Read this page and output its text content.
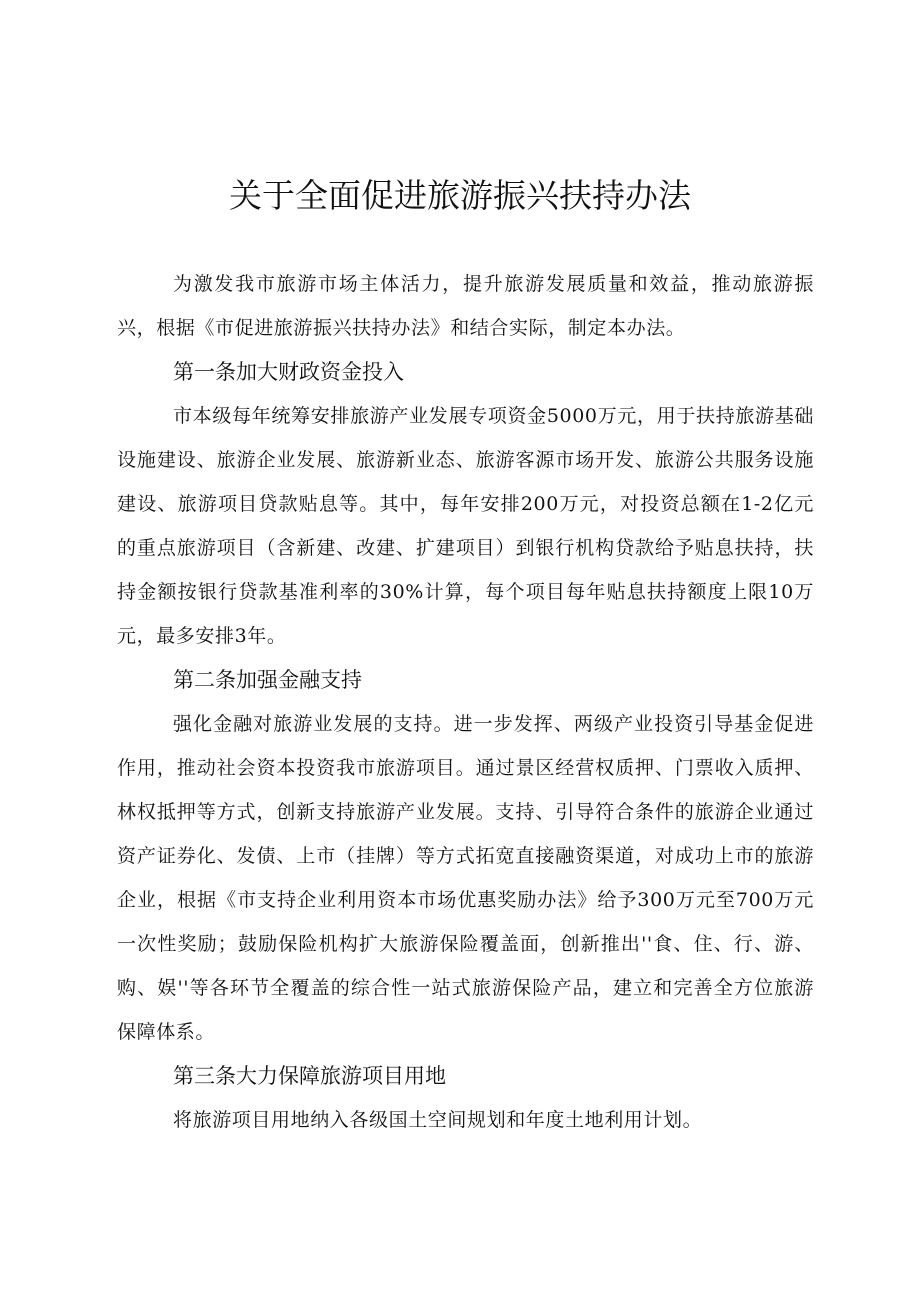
关于全面促进旅游振兴扶持办法

为激发我市旅游市场主体活力，提升旅游发展质量和效益，推动旅游振兴，根据《市促进旅游振兴扶持办法》和结合实际，制定本办法。

第一条加大财政资金投入

市本级每年统筹安排旅游产业发展专项资金5000万元，用于扶持旅游基础设施建设、旅游企业发展、旅游新业态、旅游客源市场开发、旅游公共服务设施建设、旅游项目贷款贴息等。其中，每年安排200万元，对投资总额在1-2亿元的重点旅游项目（含新建、改建、扩建项目）到银行机构贷款给予贴息扶持，扶持金额按银行贷款基准利率的30%计算，每个项目每年贴息扶持额度上限10万元，最多安排3年。

第二条加强金融支持

强化金融对旅游业发展的支持。进一步发挥、两级产业投资引导基金促进作用，推动社会资本投资我市旅游项目。通过景区经营权质押、门票收入质押、林权抵押等方式，创新支持旅游产业发展。支持、引导符合条件的旅游企业通过资产证券化、发债、上市（挂牌）等方式拓宽直接融资渠道，对成功上市的旅游企业，根据《市支持企业利用资本市场优惠奖励办法》给予300万元至700万元一次性奖励；鼓励保险机构扩大旅游保险覆盖面，创新推出''食、住、行、游、购、娱''等各环节全覆盖的综合性一站式旅游保险产品，建立和完善全方位旅游保障体系。

第三条大力保障旅游项目用地

将旅游项目用地纳入各级国土空间规划和年度土地利用计划。
